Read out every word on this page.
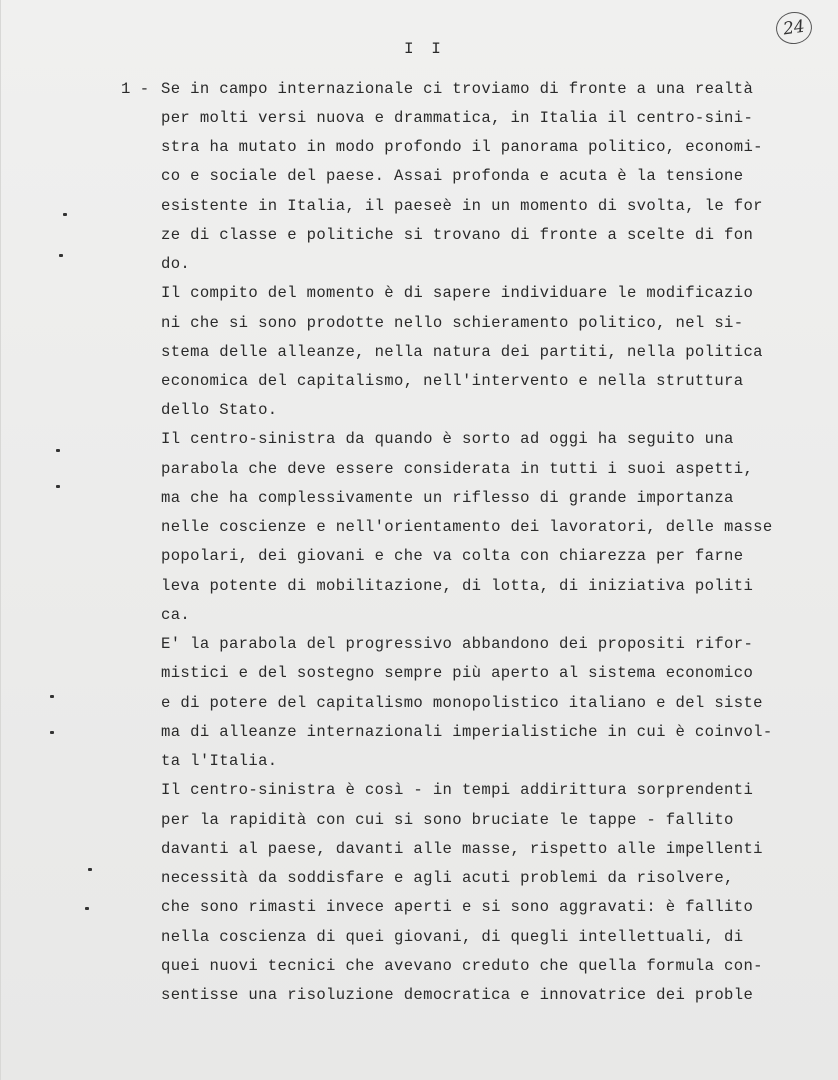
24
I I
1 - Se in campo internazionale ci troviamo di fronte a una realtà
per molti versi nuova e drammatica, in Italia il centro-sini-
stra ha mutato in modo profondo il panorama politico, economi-
co e sociale del paese. Assai profonda e acuta è la tensione
esistente in Italia, il paeseè in un momento di svolta, le for
ze di classe e politiche si trovano di fronte a scelte di fon
do.
Il compito del momento è di sapere individuare le modificazio
ni che si sono prodotte nello schieramento politico, nel si-
stema delle alleanze, nella natura dei partiti, nella politica
economica del capitalismo, nell'intervento e nella struttura
dello Stato.
Il centro-sinistra da quando è sorto ad oggi ha seguito una
parabola che deve essere considerata in tutti i suoi aspetti,
ma che ha complessivamente un riflesso di grande importanza
nelle coscienze e nell'orientamento dei lavoratori, delle masse
popolari, dei giovani e che va colta con chiarezza per farne
leva potente di mobilitazione, di lotta, di iniziativa politi
ca.
E' la parabola del progressivo abbandono dei propositi rifor-
mistici e del sostegno sempre più aperto al sistema economico
e di potere del capitalismo monopolistico italiano e del siste
ma di alleanze internazionali imperialistiche in cui è coinvol-
ta l'Italia.
Il centro-sinistra è così - in tempi addirittura sorprendenti
per la rapidità con cui si sono bruciate le tappe - fallito
davanti al paese, davanti alle masse, rispetto alle impellenti
necessità da soddisfare e agli acuti problemi da risolvere,
che sono rimasti invece aperti e si sono aggravati: è fallito
nella coscienza di quei giovani, di quegli intellettuali, di
quei nuovi tecnici che avevano creduto che quella formula con-
sentisse una risoluzione democratica e innovatrice dei proble
